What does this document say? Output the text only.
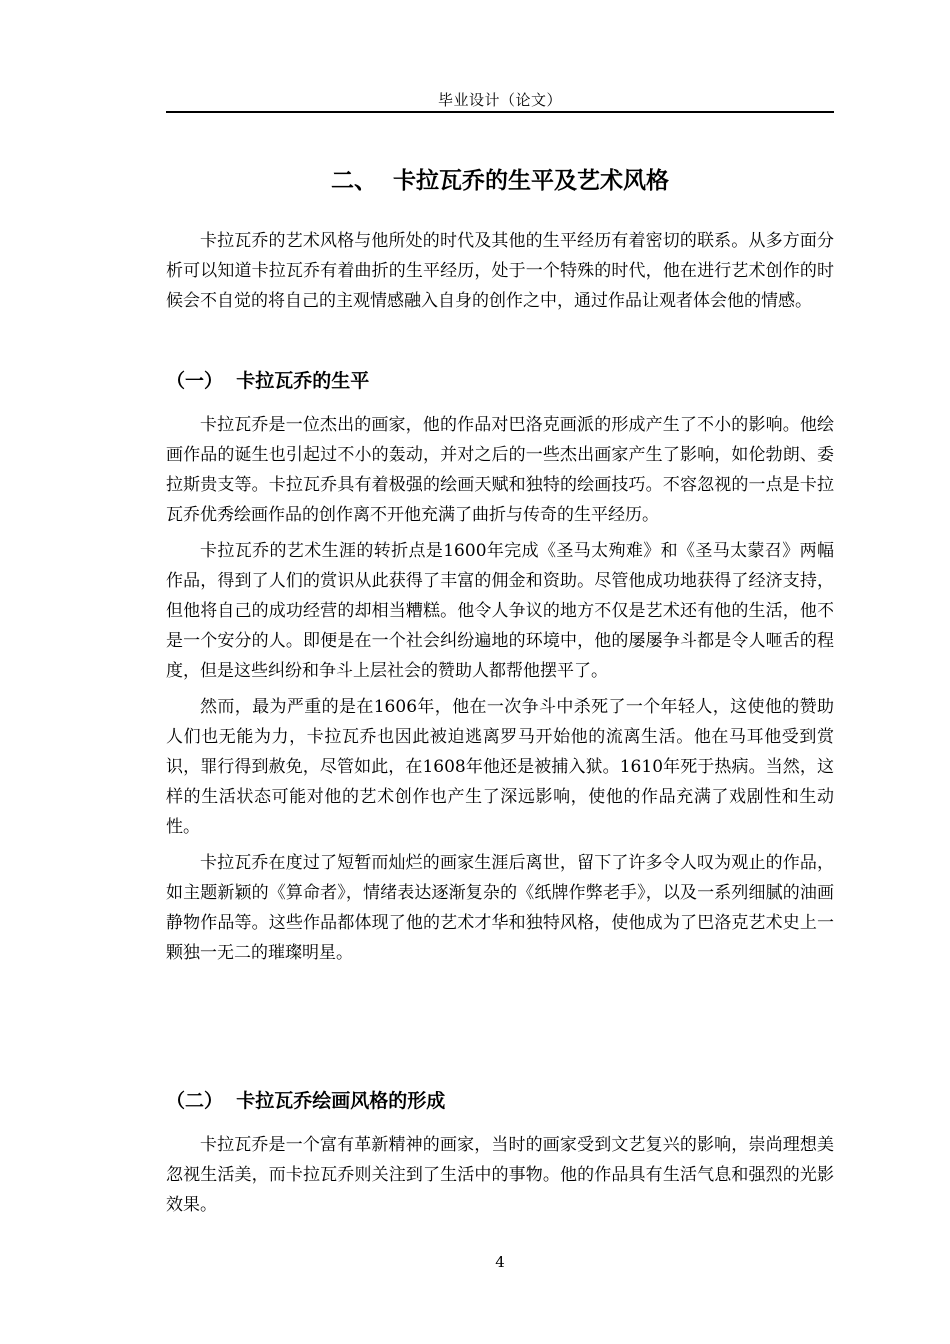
毕业设计（论文）
二、  卡拉瓦乔的生平及艺术风格

卡拉瓦乔的艺术风格与他所处的时代及其他的生平经历有着密切的联系。从多方面分析可以知道卡拉瓦乔有着曲折的生平经历，处于一个特殊的时代，他在进行艺术创作的时候会不自觉的将自己的主观情感融入自身的创作之中，通过作品让观者体会他的情感。

（一）  卡拉瓦乔的生平

卡拉瓦乔是一位杰出的画家，他的作品对巴洛克画派的形成产生了不小的影响。他绘画作品的诞生也引起过不小的轰动，并对之后的一些杰出画家产生了影响，如伦勃朗、委拉斯贵支等。卡拉瓦乔具有着极强的绘画天赋和独特的绘画技巧。不容忽视的一点是卡拉瓦乔优秀绘画作品的创作离不开他充满了曲折与传奇的生平经历。

卡拉瓦乔的艺术生涯的转折点是1600年完成《圣马太殉难》和《圣马太蒙召》两幅作品，得到了人们的赏识从此获得了丰富的佣金和资助。尽管他成功地获得了经济支持，但他将自己的成功经营的却相当糟糕。他令人争议的地方不仅是艺术还有他的生活，他不是一个安分的人。即便是在一个社会纠纷遍地的环境中，他的屡屡争斗都是令人咂舌的程度，但是这些纠纷和争斗上层社会的赞助人都帮他摆平了。

然而，最为严重的是在1606年，他在一次争斗中杀死了一个年轻人，这使他的赞助人们也无能为力，卡拉瓦乔也因此被迫逃离罗马开始他的流离生活。他在马耳他受到赏识，罪行得到赦免，尽管如此，在1608年他还是被捕入狱。1610年死于热病。当然，这样的生活状态可能对他的艺术创作也产生了深远影响，使他的作品充满了戏剧性和生动性。

卡拉瓦乔在度过了短暂而灿烂的画家生涯后离世，留下了许多令人叹为观止的作品，如主题新颖的《算命者》，情绪表达逐渐复杂的《纸牌作弊老手》，以及一系列细腻的油画静物作品等。这些作品都体现了他的艺术才华和独特风格，使他成为了巴洛克艺术史上一颗独一无二的璀璨明星。

（二）  卡拉瓦乔绘画风格的形成

卡拉瓦乔是一个富有革新精神的画家，当时的画家受到文艺复兴的影响，崇尚理想美忽视生活美，而卡拉瓦乔则关注到了生活中的事物。他的作品具有生活气息和强烈的光影效果。

4
